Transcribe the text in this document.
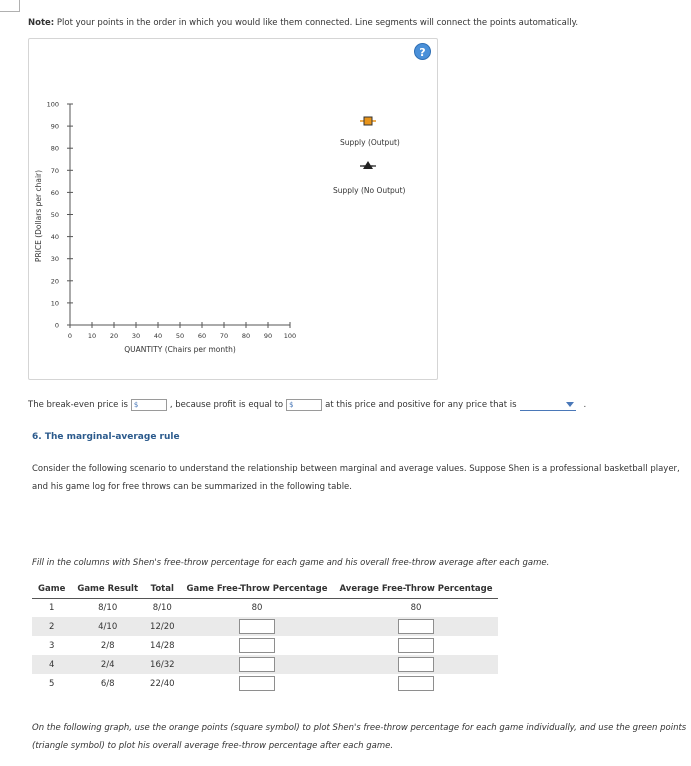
Note: Plot your points in the order in which you would like them connected. Line segments will connect the points automatically.
?
100
90
80
70
60
50
40
30
20
10
0
0 10 20 30 40 50 60 70 80 90 100
PRICE (Dollars per chair)
QUANTITY (Chairs per month)
Supply (Output)
Supply (No Output)
The break-even price is $	, because profit is equal to $	at this price and positive for any price that is	.
6. The marginal-average rule
Consider the following scenario to understand the relationship between marginal and average values. Suppose Shen is a professional basketball player, and his game log for free throws can be summarized in the following table.
Fill in the columns with Shen's free-throw percentage for each game and his overall free-throw average after each game.
Game	Game Result	Total	Game Free-Throw Percentage	Average Free-Throw Percentage
1	8/10	8/10	80	80
2	4/10	12/20		
3	2/8	14/28		
4	2/4	16/32		
5	6/8	22/40		
On the following graph, use the orange points (square symbol) to plot Shen's free-throw percentage for each game individually, and use the green points (triangle symbol) to plot his overall average free-throw percentage after each game.
